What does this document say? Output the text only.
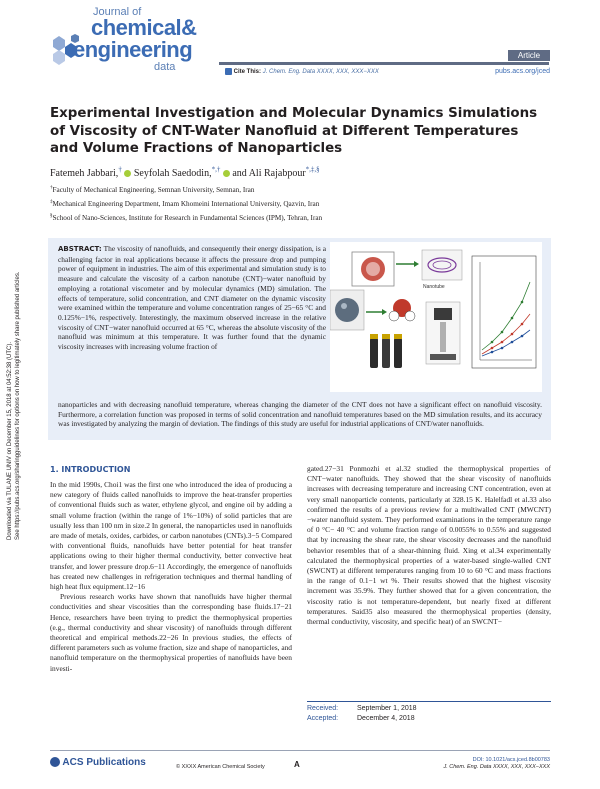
Journal of
chemical&
engineering
data
Article
Cite This: J. Chem. Eng. Data XXXX, XXX, XXX−XXX	pubs.acs.org/jced
Experimental Investigation and Molecular Dynamics Simulations of Viscosity of CNT-Water Nanofluid at Different Temperatures and Volume Fractions of Nanoparticles
Fatemeh Jabbari,† Seyfolah Saedodin,*,† and Ali Rajabpour*,‡,§
†Faculty of Mechanical Engineering, Semnan University, Semnan, Iran
‡Mechanical Engineering Department, Imam Khomeini International University, Qazvin, Iran
§School of Nano-Sciences, Institute for Research in Fundamental Sciences (IPM), Tehran, Iran
Downloaded via TULANE UNIV on December 15, 2018 at 04:52:38 (UTC). See https://pubs.acs.org/sharingguidelines for options on how to legitimately share published articles.
ABSTRACT: The viscosity of nanofluids, and consequently their energy dissipation, is a challenging factor in real applications because it affects the pressure drop and pumping power of equipment in industries. The aim of this experimental and simulation study is to measure and calculate the viscosity of a carbon nanotube (CNT)−water nanofluid by employing a rotational viscometer and by molecular dynamics (MD) simulation. The effects of temperature, solid concentration, and CNT diameter on the dynamic viscosity were examined within the temperature and volume concentration ranges of 25−65 °C and 0.125%−1%, respectively. Interestingly, the maximum observed increase in the relative viscosity of CNT−water nanofluid occurred at 65 °C, whereas the absolute viscosity of the nanofluid was minimum at this temperature. It was further found that the dynamic viscosity increases with increasing volume fraction of
nanoparticles and with decreasing nanofluid temperature, whereas changing the diameter of the CNT does not have a significant effect on nanofluid viscosity. Furthermore, a correlation function was proposed in terms of solid concentration and nanofluid temperatures based on the MD simulation results, and its accuracy was investigated by analyzing the margin of deviation. The findings of this study are useful for industrial applications of CNT/water nanofluids.
Nanotube
1. INTRODUCTION

In the mid 1990s, Choi1 was the first one who introduced the idea of producing a new category of fluids called nanofluids to improve the heat-transfer properties of conventional fluids such as water, ethylene glycol, and engine oil by adding a small volume fraction (within the range of 1%−10%) of solid particles that are usually less than 100 nm in size.2 In general, the nanoparticles used in nanofluids are made of metals, oxides, carbides, or carbon nanotubes (CNTs).3−5 Compared with conventional fluids, nanofluids have better potential for heat transfer applications owing to their higher thermal conductivity, better convective heat transfer, and lower pressure drop.6−11 Accordingly, the emergence of nanofluids has created new challenges in refrigeration techniques and thermal handling of high heat flux equipment.12−16

Previous research works have shown that nanofluids have higher thermal conductivities and shear viscosities than the corresponding base fluids.17−21 Hence, researchers have been trying to predict the thermophysical properties (e.g., thermal conductivity and shear viscosity) of nanofluids through different theoretical and empirical methods.22−26 In previous studies, the effects of different parameters such as volume fraction, size and shape of nanoparticles, and nanofluid temperature on the thermophysical properties of nanofluids have been investi-

gated.27−31 Ponmozhi et al.32 studied the thermophysical properties of CNT−water nanofluids. They showed that the shear viscosity of nanofluids increases with decreasing temperature and increasing CNT concentration, even at very small nanoparticle contents, particularly at 328.15 K. Halelfadl et al.33 also confirmed the results of a previous review for a multiwalled CNT (MWCNT)−water nanofluid system. They performed examinations in the temperature range of 0 °C− 40 °C and volume fraction range of 0.0055% to 0.55% and suggested that by increasing the shear rate, the shear viscosity decreases and the nanofluid behavior resembles that of a shear-thinning fluid. Xing et al.34 experimentally calculated the thermophysical properties of a water-based single-walled CNT (SWCNT) at different temperatures ranging from 10 to 60 °C and mass fractions in the range of 0.1−1 wt %. Their results showed that the highest viscosity increment was 35.9%. They further showed that for a given concentration, the viscosity ratio is not temperature-dependent, but nearly fixed at different temperatures. Said35 also measured the thermophysical properties (density, thermal conductivity, viscosity, and specific heat) of an SWCNT−

Received:	September 1, 2018
Accepted:	December 4, 2018
ACS Publications	© XXXX American Chemical Society	A	DOI: 10.1021/acs.jced.8b00783
J. Chem. Eng. Data XXXX, XXX, XXX−XXX
